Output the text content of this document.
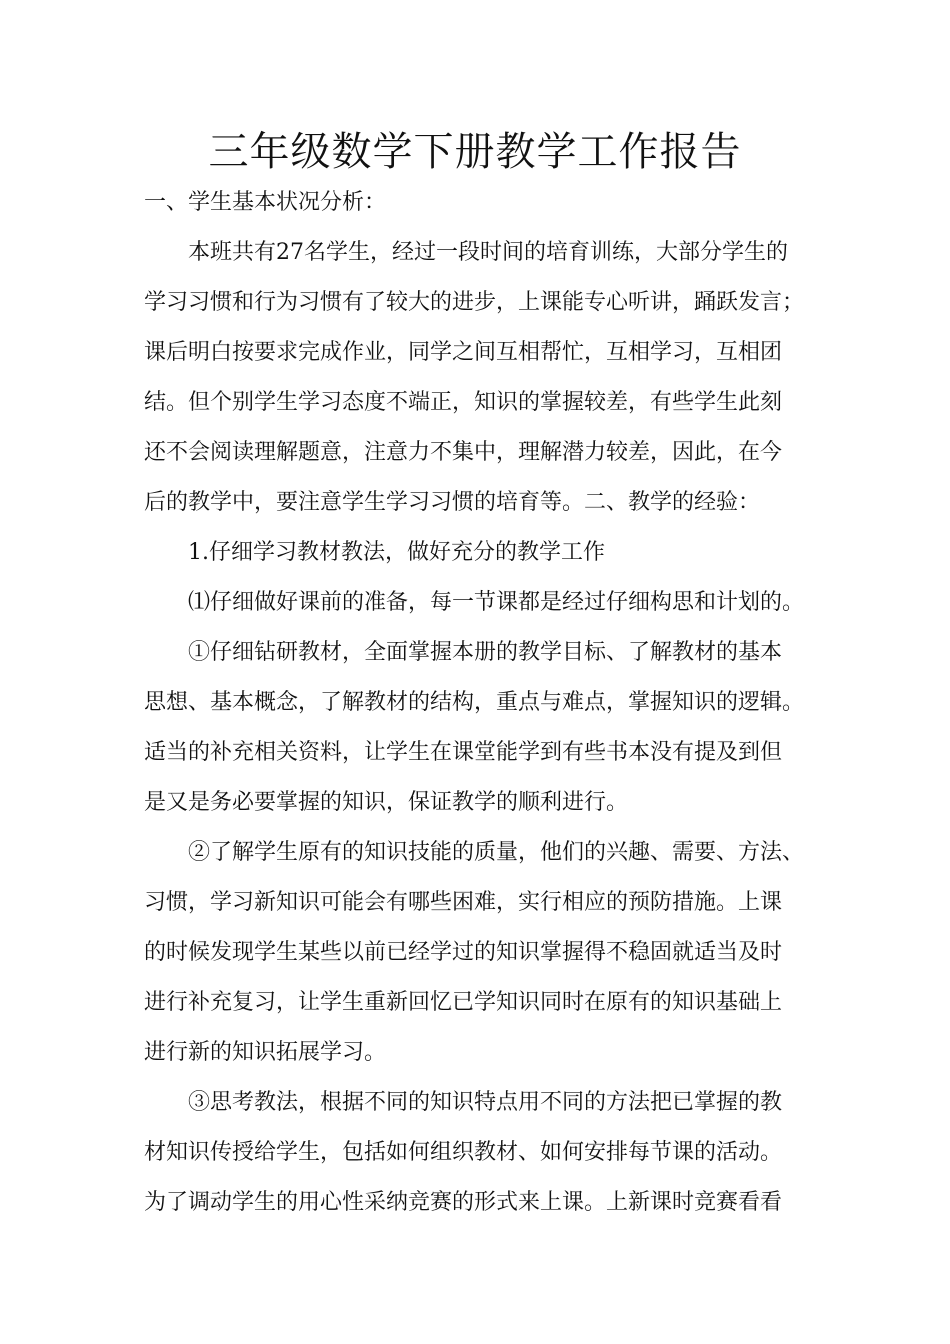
三年级数学下册教学工作报告
一、学生基本状况分析：
本班共有27名学生，经过一段时间的培育训练，大部分学生的
学习习惯和行为习惯有了较大的进步，上课能专心听讲，踊跃发言；
课后明白按要求完成作业，同学之间互相帮忙，互相学习，互相团
结。但个别学生学习态度不端正，知识的掌握较差，有些学生此刻
还不会阅读理解题意，注意力不集中，理解潜力较差，因此，在今
后的教学中，要注意学生学习习惯的培育等。二、教学的经验：
1.仔细学习教材教法，做好充分的教学工作
⑴仔细做好课前的准备，每一节课都是经过仔细构思和计划的。
①仔细钻研教材，全面掌握本册的教学目标、了解教材的基本
思想、基本概念，了解教材的结构，重点与难点，掌握知识的逻辑。
适当的补充相关资料，让学生在课堂能学到有些书本没有提及到但
是又是务必要掌握的知识，保证教学的顺利进行。
②了解学生原有的知识技能的质量，他们的兴趣、需要、方法、
习惯，学习新知识可能会有哪些困难，实行相应的预防措施。上课
的时候发现学生某些以前已经学过的知识掌握得不稳固就适当及时
进行补充复习，让学生重新回忆已学知识同时在原有的知识基础上
进行新的知识拓展学习。
③思考教法，根据不同的知识特点用不同的方法把已掌握的教
材知识传授给学生，包括如何组织教材、如何安排每节课的活动。
为了调动学生的用心性采纳竞赛的形式来上课。上新课时竞赛看看
